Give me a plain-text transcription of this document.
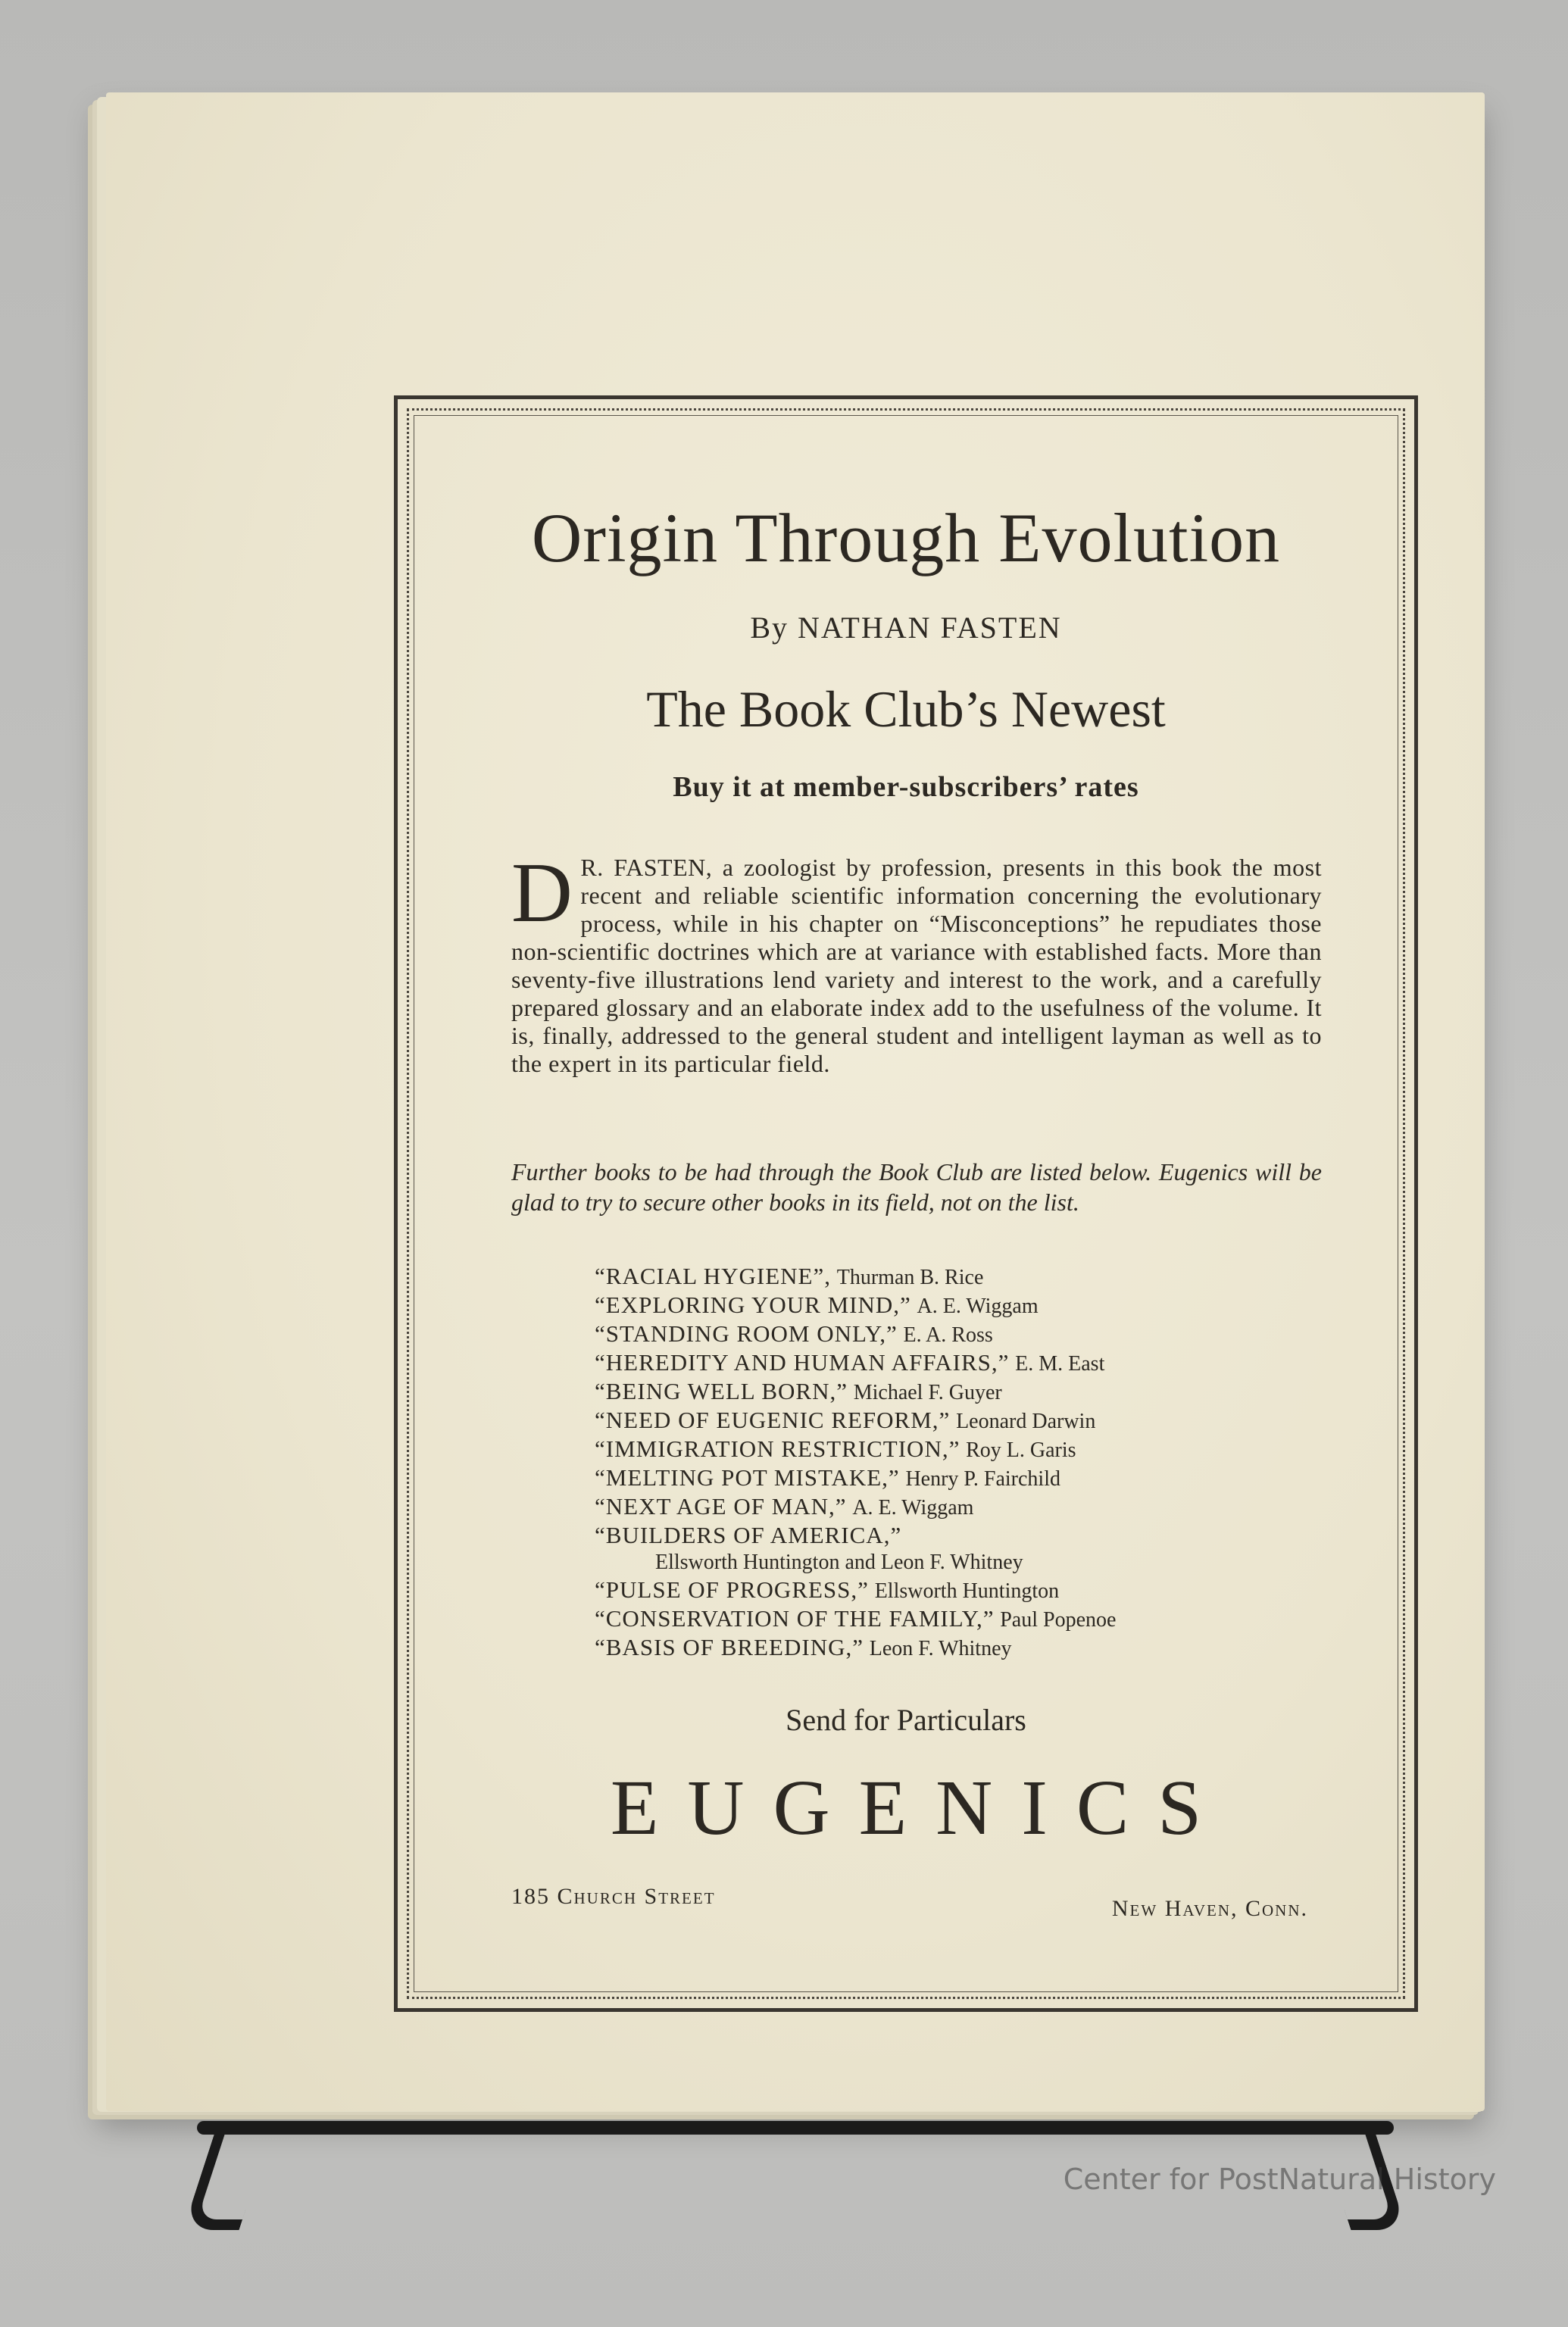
Origin Through Evolution
By NATHAN FASTEN
The Book Club’s Newest
Buy it at member-subscribers’ rates
D R. FASTEN, a zoologist by profession, presents in this book the most recent and reliable scientific information concerning the evolutionary process, while in his chapter on “Misconceptions” he repudiates those non-scientific doctrines which are at variance with established facts. More than seventy-five illustrations lend variety and interest to the work, and a carefully prepared glossary and an elaborate index add to the usefulness of the volume. It is, finally, addressed to the general student and intelligent layman as well as to the expert in its particular field.
Further books to be had through the Book Club are listed below. Eugenics will be glad to try to secure other books in its field, not on the list.
“RACIAL HYGIENE”, Thurman B. Rice
“EXPLORING YOUR MIND,” A. E. Wiggam
“STANDING ROOM ONLY,” E. A. Ross
“HEREDITY AND HUMAN AFFAIRS,” E. M. East
“BEING WELL BORN,” Michael F. Guyer
“NEED OF EUGENIC REFORM,” Leonard Darwin
“IMMIGRATION RESTRICTION,” Roy L. Garis
“MELTING POT MISTAKE,” Henry P. Fairchild
“NEXT AGE OF MAN,” A. E. Wiggam
“BUILDERS OF AMERICA,”
Ellsworth Huntington and Leon F. Whitney
“PULSE OF PROGRESS,” Ellsworth Huntington
“CONSERVATION OF THE FAMILY,” Paul Popenoe
“BASIS OF BREEDING,” Leon F. Whitney
Send for Particulars
EUGENICS
185 Church Street	New Haven, Conn.
Center for PostNatural History
